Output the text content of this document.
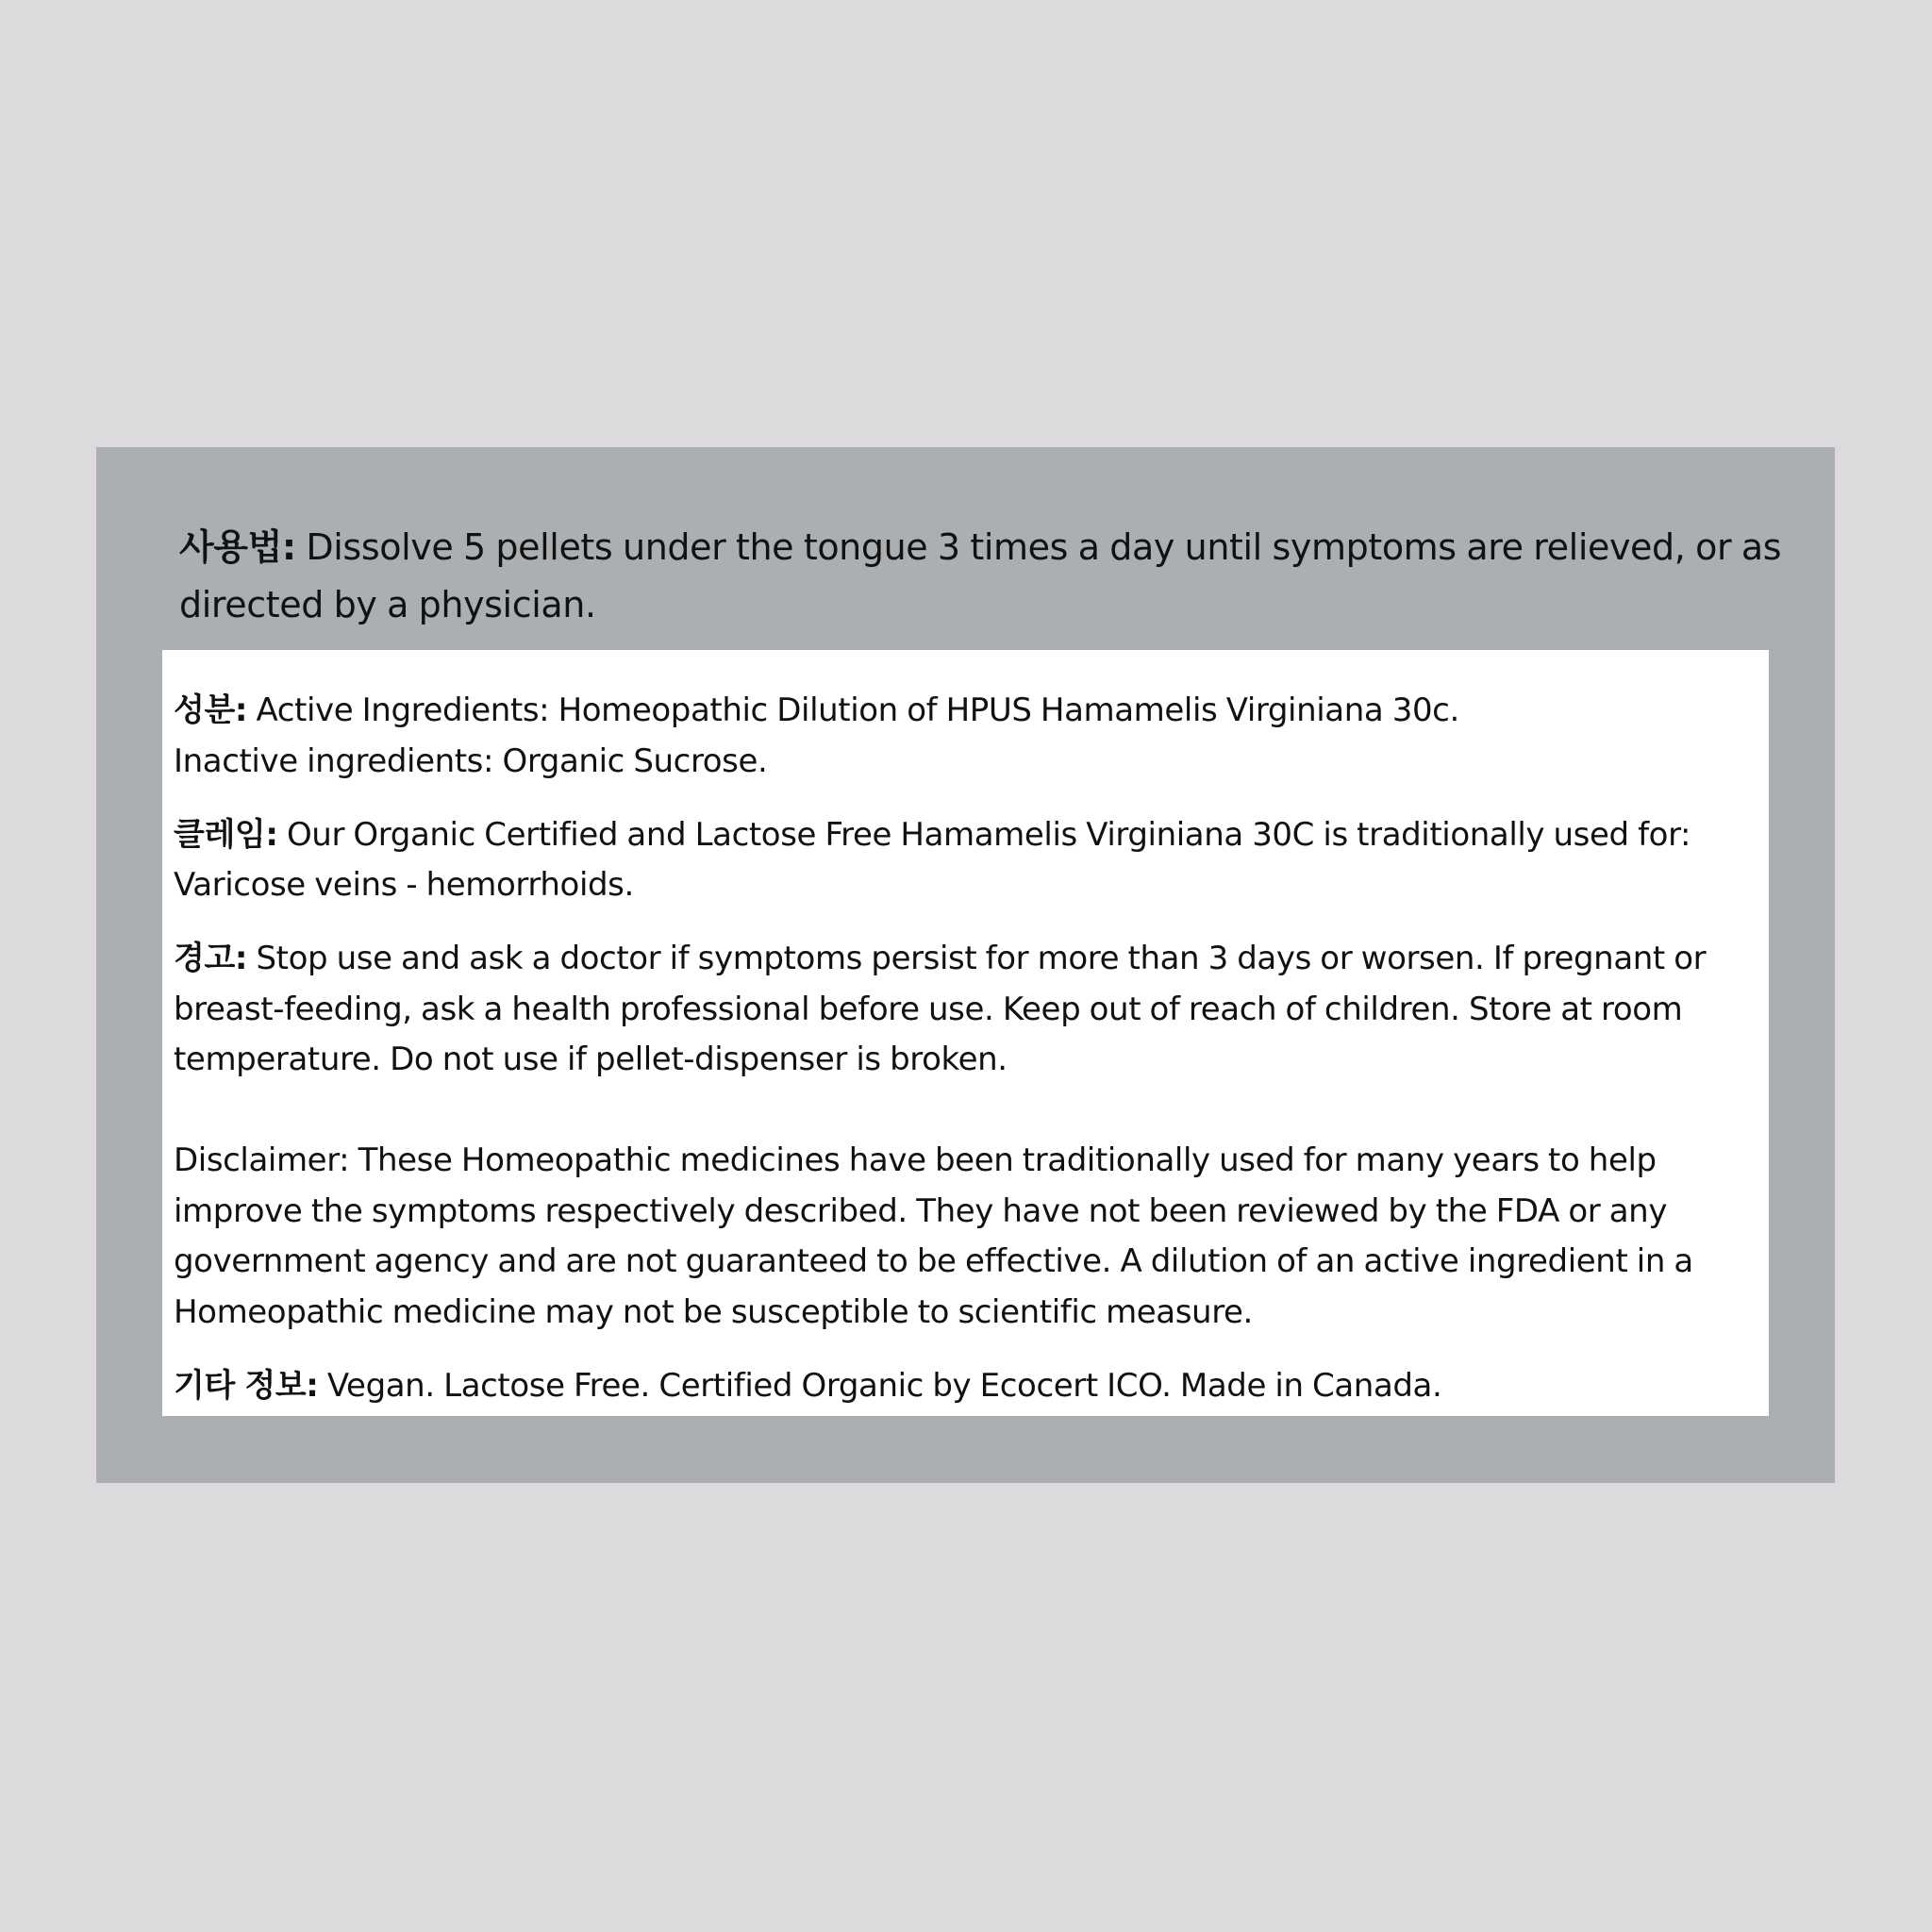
사용법: Dissolve 5 pellets under the tongue 3 times a day until symptoms are relieved, or as directed by a physician.

성분: Active Ingredients: Homeopathic Dilution of HPUS Hamamelis Virginiana 30c.
Inactive ingredients: Organic Sucrose.

클레임: Our Organic Certified and Lactose Free Hamamelis Virginiana 30C is traditionally used for: Varicose veins - hemorrhoids.

경고: Stop use and ask a doctor if symptoms persist for more than 3 days or worsen. If pregnant or breast-feeding, ask a health professional before use. Keep out of reach of children. Store at room temperature. Do not use if pellet-dispenser is broken.

Disclaimer: These Homeopathic medicines have been traditionally used for many years to help improve the symptoms respectively described. They have not been reviewed by the FDA or any government agency and are not guaranteed to be effective. A dilution of an active ingredient in a Homeopathic medicine may not be susceptible to scientific measure.

기타 정보: Vegan. Lactose Free. Certified Organic by Ecocert ICO. Made in Canada.
